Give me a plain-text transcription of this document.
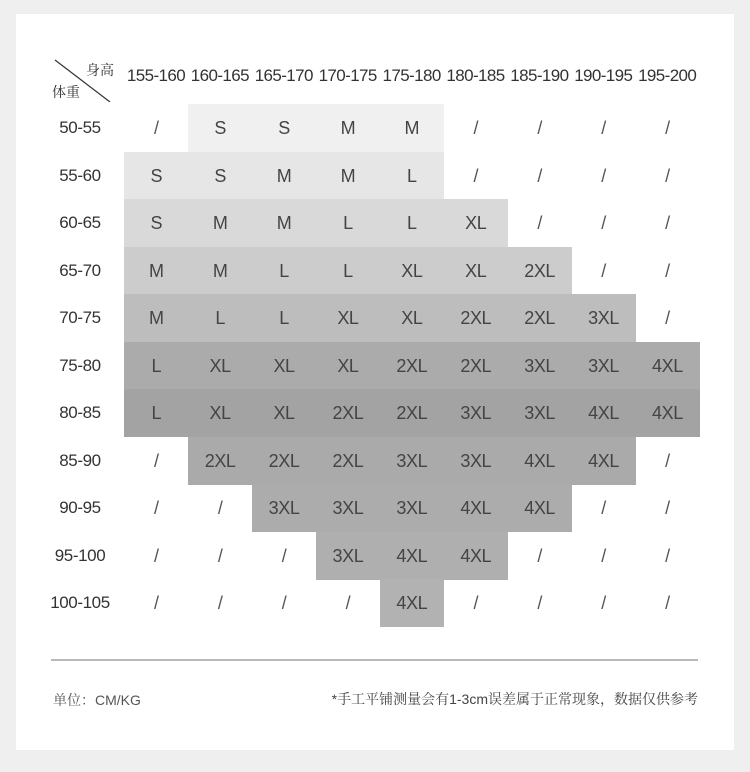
身高
体重
155-160 160-165 165-170 170-175 175-180 180-185 185-190 190-195 195-200
50-55	/	S	S	M	M	/	/	/	/
55-60	S	S	M	M	L	/	/	/	/
60-65	S	M	M	L	L	XL	/	/	/
65-70	M	M	L	L	XL	XL	2XL	/	/
70-75	M	L	L	XL	XL	2XL	2XL	3XL	/
75-80	L	XL	XL	XL	2XL	2XL	3XL	3XL	4XL
80-85	L	XL	XL	2XL	2XL	3XL	3XL	4XL	4XL
85-90	/	2XL	2XL	2XL	3XL	3XL	4XL	4XL	/
90-95	/	/	3XL	3XL	3XL	4XL	4XL	/	/
95-100	/	/	/	3XL	4XL	4XL	/	/	/
100-105	/	/	/	/	4XL	/	/	/	/
单位：CM/KG	*手工平铺测量会有1-3cm误差属于正常现象，数据仅供参考
